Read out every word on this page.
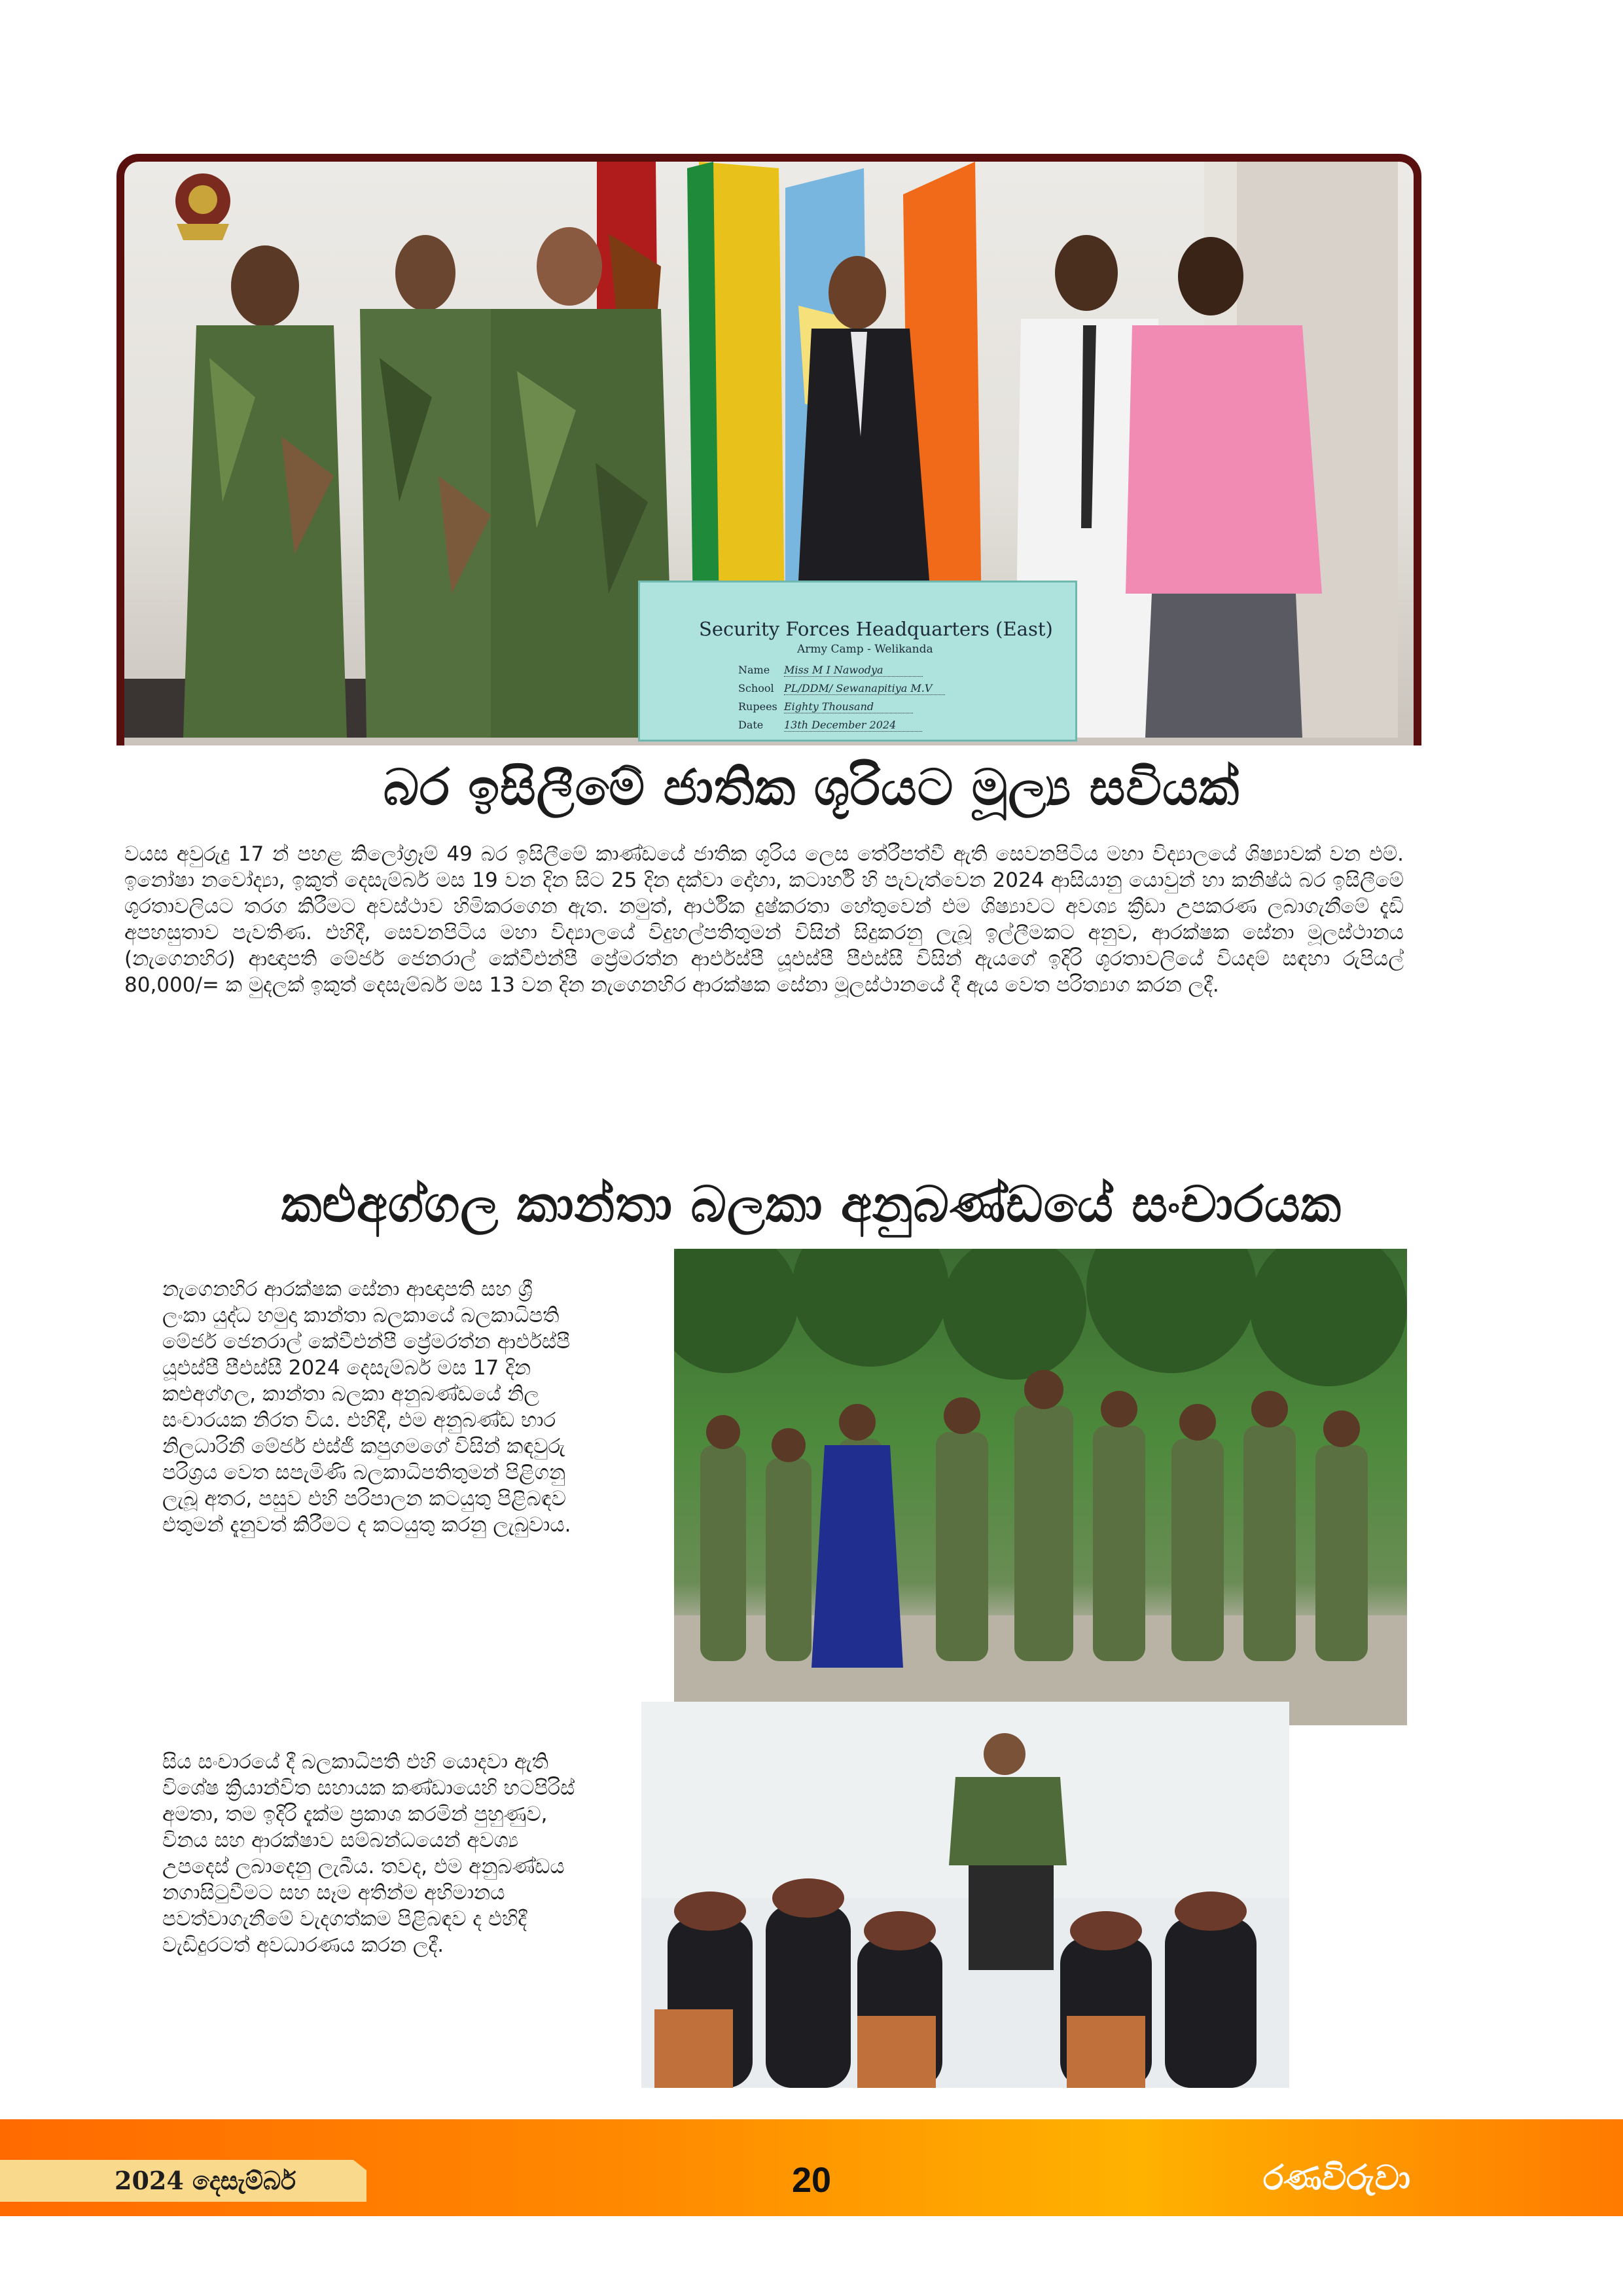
Security Forces Headquarters (East)
Army Camp - Welikanda
Name Miss M I Nawodya
School PL/DDM/ Sewanapitiya M.V
Rupees Eighty Thousand
Date 13th December 2024
බර ඉසිලීමේ ජාතික ශූරියට මූල්‍ය සවියක්
වයස අවුරුදු 17 න් පහළ කිලෝග්‍රෑම් 49 බර ඉසිලීමේ කාණ්ඩයේ ජාතික ශූරිය ලෙස තේරීපත්වී ඇති සෙවනපිටිය මහා විද්‍යාලයේ ශිෂ්‍යාවක් වන එම්. ඉනෝෂා නවෝද්‍යා, ඉකුත් දෙසැම්බර් මස 19 වන දින සිට 25 දින දක්වා දෝහා, කටාර්හි හි පැවැත්වෙන 2024 ආසියානු යොවුන් හා කනිෂ්ඨ බර ඉසිලීමේ ශූරතාවලියට තරග කිරීමට අවස්ථාව හිමිකරගෙන ඇත. නමුත්, ආර්ථික දුෂ්කරතා හේතුවෙන් එම ශිෂ්‍යාවට අවශ්‍ය ක්‍රීඩා උපකරණ ලබාගැනීමේ දැඩි අපහසුතාව පැවතිණ. එහිදී, සෙවනපිටිය මහා විද්‍යාලයේ විදුහල්පතිතුමන් විසින් සිදුකරනු ලැබූ ඉල්ලීමකට අනුව, ආරක්ෂක සේනා මූලස්ථානය (නැගෙනහිර) ආඥාපති මේජර් ජෙනරාල් කේවීඑන්පී ප්‍රේමරත්න ආර්එස්පී යූඑස්පී පීඑස්සී විසින් ඇයගේ ඉදිරි ශූරතාවලියේ වියදම් සඳහා රුපියල් 80,000/= ක මුදලක් ඉකුත් දෙසැම්බර් මස 13 වන දින නැගෙනහිර ආරක්ෂක සේනා මූලස්ථානයේ දී ඇය වෙත පරිත්‍යාග කරන ලදී.
කළුඅග්ගල කාන්තා බලකා අනුබණ්ඩයේ සංචාරයක
නැගෙනහිර ආරක්ෂක සේනා ආඥාපති සහ ශ්‍රී ලංකා යුද්ධ හමුදා කාන්තා බලකායේ බලකාධිපති මේජර් ජෙනරාල් කේවීඑන්පී ප්‍රේමරත්න ආර්එස්පී යූඑස්පී පීඑස්සී 2024 දෙසැම්බර් මස 17 දින කළුඅග්ගල, කාන්තා බලකා අනුබණ්ඩයේ නිල සංචාරයක නිරත විය. එහිදී, එම අනුබණ්ඩ භාර නිලධාරිනී මේජර් එස්ජී කපුගමගේ විසින් කඳවුරු පරිශ්‍රය වෙත සපැමිණි බලකාධිපතිතුමන් පිළිගනු ලැබූ අතර, පසුව එහි පරිපාලන කටයුතු පිළිබඳව එතුමන් දැනුවත් කිරීමට ද කටයුතු කරනු ලැබුවාය.
සිය සංචාරයේ දී බලකාධිපති එහි යොදවා ඇති විශේෂ ක්‍රියාන්විත සහායක කණ්ඩායෙහි භටපිරිස් අමතා, තම ඉදිරි දැක්ම ප්‍රකාශ කරමින් පුහුණුව, විනය සහ ආරක්ෂාව සම්බන්ධයෙන් අවශ්‍ය උපදෙස් ලබාදෙනු ලැබීය. තවද, එම අනුබණ්ඩය නගාසිටුවීමට සහ සෑම අතින්ම අභිමානය පවත්වාගැනීමේ වැදගත්කම පිළිබඳව ද එහිදී වැඩිදුරටත් අවධාරණය කරන ලදී.
2024 දෙසැම්බර්	20	රණවිරුවා
